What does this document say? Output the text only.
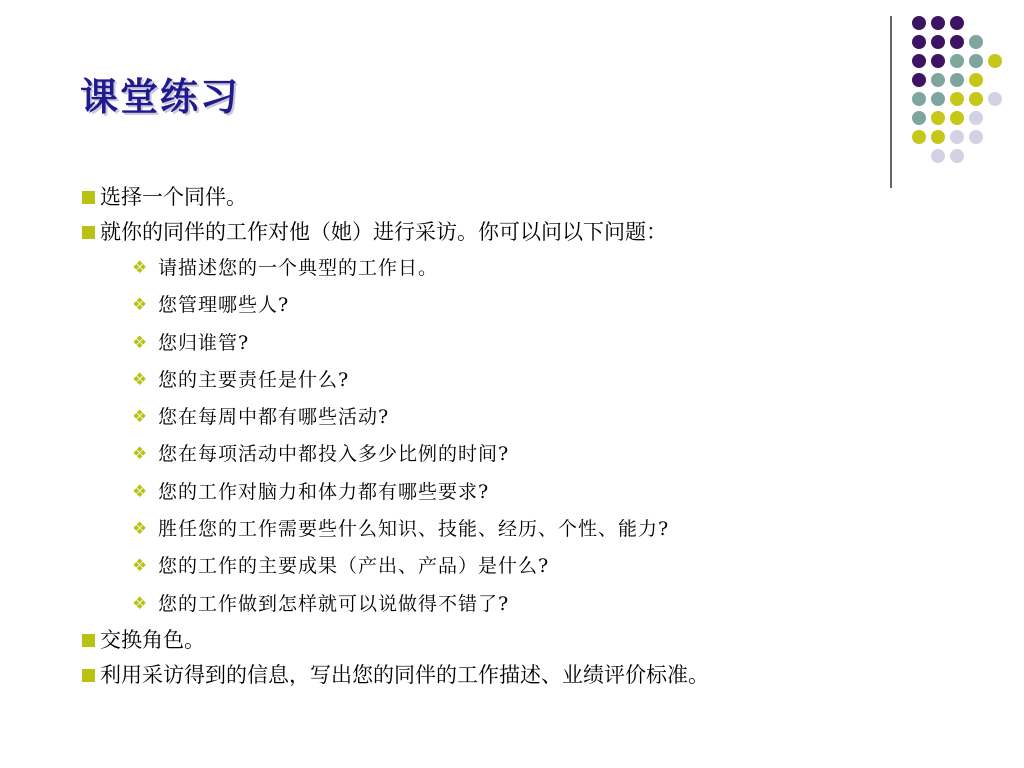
课堂练习
选择一个同伴。
就你的同伴的工作对他（她）进行采访。你可以问以下问题：
❖ 请描述您的一个典型的工作日。
❖ 您管理哪些人?
❖ 您归谁管?
❖ 您的主要责任是什么?
❖ 您在每周中都有哪些活动?
❖ 您在每项活动中都投入多少比例的时间?
❖ 您的工作对脑力和体力都有哪些要求?
❖ 胜任您的工作需要些什么知识、技能、经历、个性、能力?
❖ 您的工作的主要成果（产出、产品）是什么?
❖ 您的工作做到怎样就可以说做得不错了?
交换角色。
利用采访得到的信息，写出您的同伴的工作描述、业绩评价标准。
